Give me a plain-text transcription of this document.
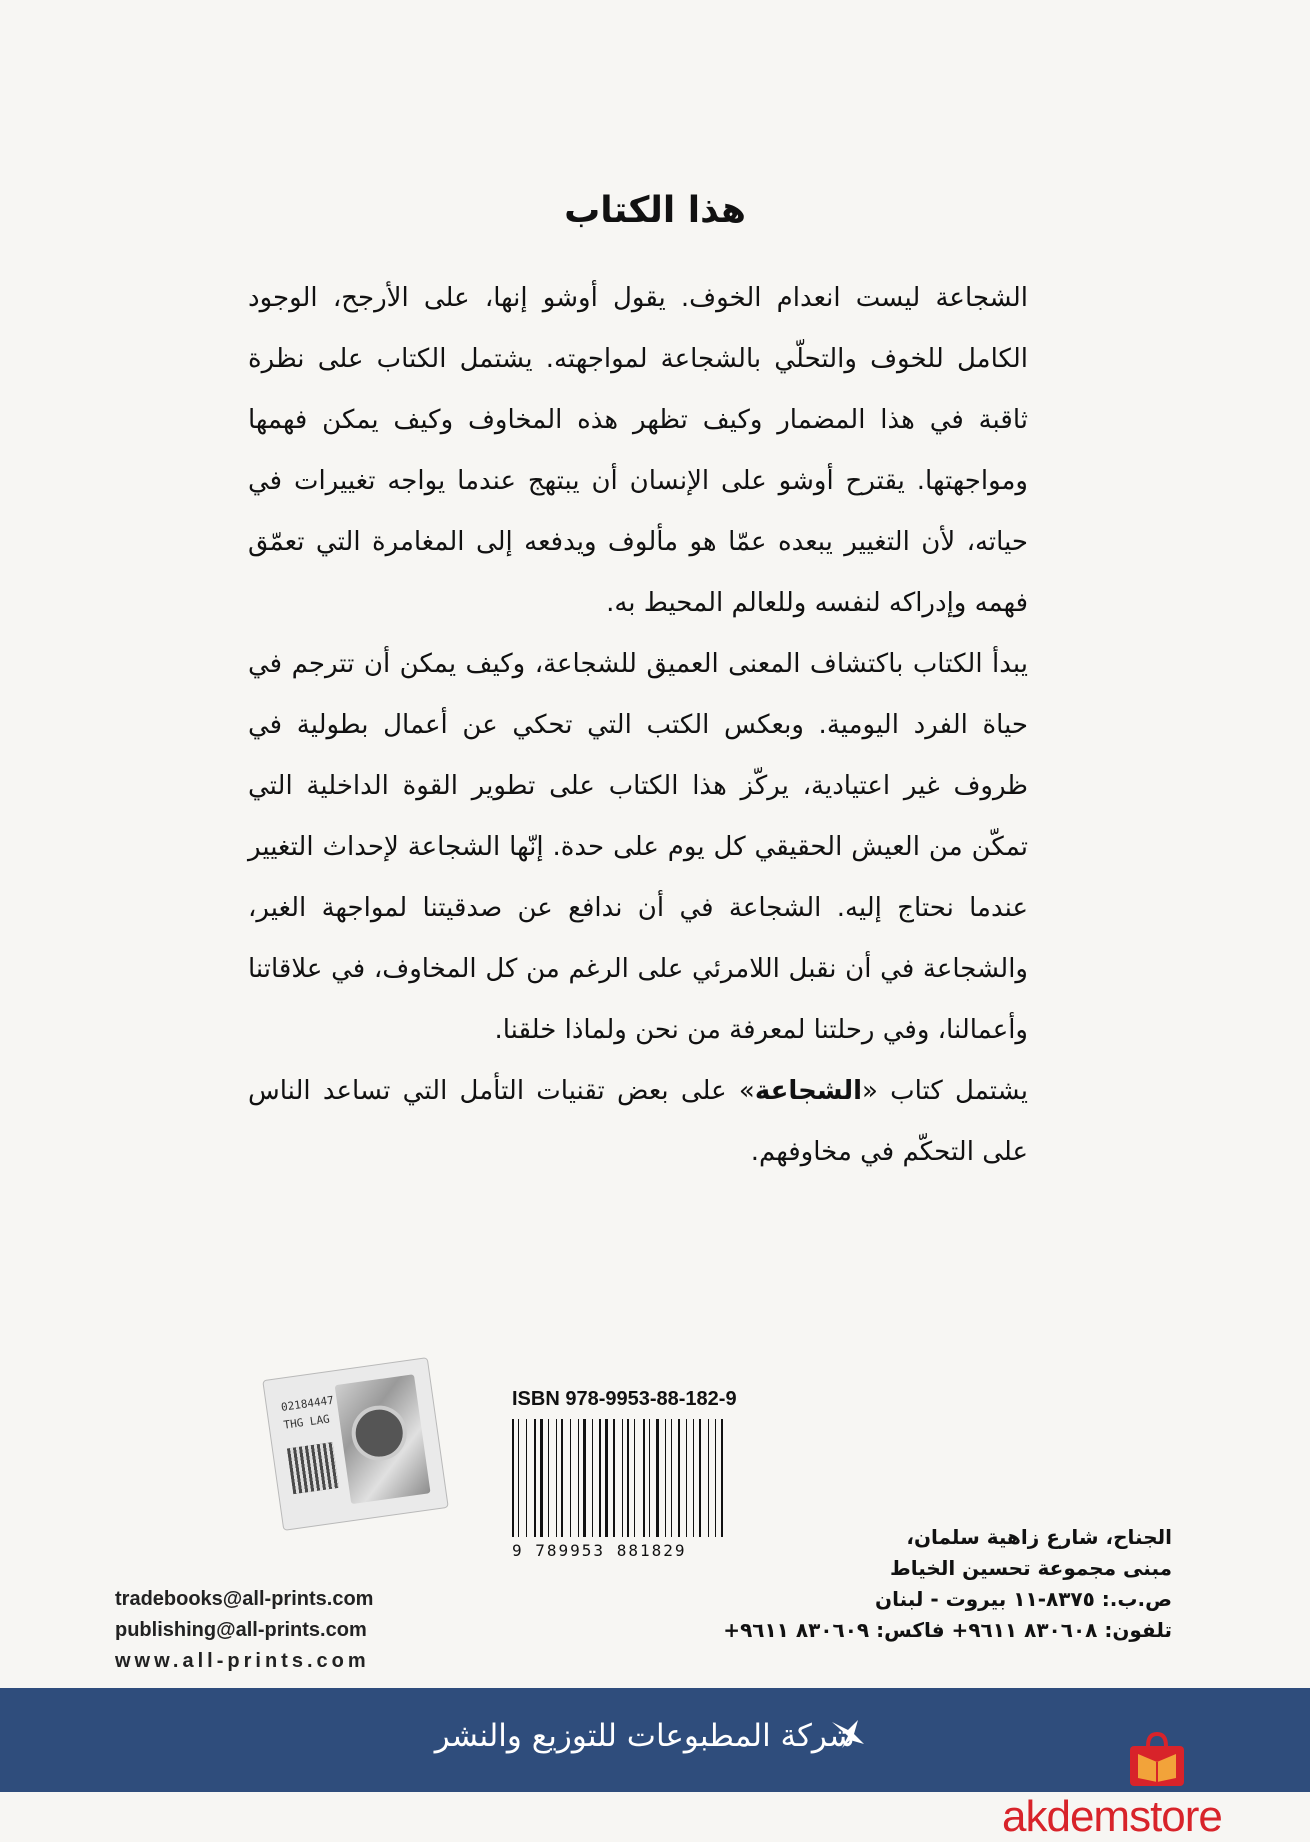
هذا الكتاب

الشجاعة ليست انعدام الخوف. يقول أوشو إنها، على الأرجح، الوجود الكامل للخوف والتحلّي بالشجاعة لمواجهته. يشتمل الكتاب على نظرة ثاقبة في هذا المضمار وكيف تظهر هذه المخاوف وكيف يمكن فهمها ومواجهتها. يقترح أوشو على الإنسان أن يبتهج عندما يواجه تغييرات في حياته، لأن التغيير يبعده عمّا هو مألوف ويدفعه إلى المغامرة التي تعمّق فهمه وإدراكه لنفسه وللعالم المحيط به.

يبدأ الكتاب باكتشاف المعنى العميق للشجاعة، وكيف يمكن أن تترجم في حياة الفرد اليومية. وبعكس الكتب التي تحكي عن أعمال بطولية في ظروف غير اعتيادية، يركّز هذا الكتاب على تطوير القوة الداخلية التي تمكّن من العيش الحقيقي كل يوم على حدة. إنّها الشجاعة لإحداث التغيير عندما نحتاج إليه. الشجاعة في أن ندافع عن صدقيتنا لمواجهة الغير، والشجاعة في أن نقبل اللامرئي على الرغم من كل المخاوف، في علاقاتنا وأعمالنا، وفي رحلتنا لمعرفة من نحن ولماذا خلقنا.

يشتمل كتاب «الشجاعة» على بعض تقنيات التأمل التي تساعد الناس على التحكّم في مخاوفهم.

02184447
THG LAG
ISBN 978-9953-88-182-9
9 789953 881829
الجناح، شارع زاهية سلمان،
مبنى مجموعة تحسين الخياط
ص.ب.: ٨٣٧٥-١١ بيروت - لبنان
تلفون: ٨٣٠٦٠٨ ٩٦١١+ فاكس: ٨٣٠٦٠٩ ٩٦١١+
tradebooks@all-prints.com
publishing@all-prints.com
www.all-prints.com
شركة المطبوعات للتوزيع والنشر
akdemstore
